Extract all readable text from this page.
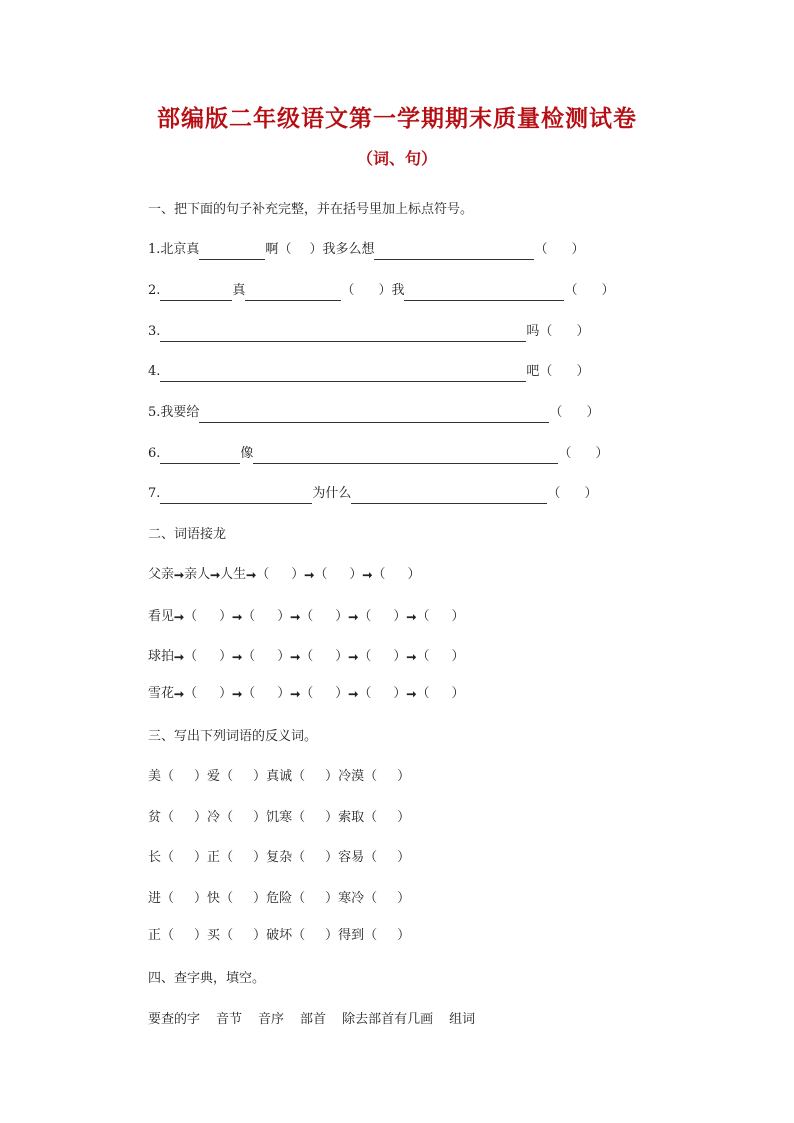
部编版二年级语文第一学期期末质量检测试卷
（词、句）
一、把下面的句子补充完整，并在括号里加上标点符号。
1. 北京真	啊 （ ） 我多么想	（ ）
2.	真	（ ） 我	（ ）
3.	吗 （ ）
4.	吧 （ ）
5. 我要给	（ ）
6.	像	（ ）
7.	为什么	（ ）
二、词语接龙
父亲 ➞ 亲人 ➞ 人生 ➞ （ ） ➞ （ ） ➞ （ ）
看见 ➞ （ ） ➞ （ ） ➞ （ ） ➞ （ ） ➞ （ ）
球拍 ➞ （ ） ➞ （ ） ➞ （ ） ➞ （ ） ➞ （ ）
雪花 ➞ （ ） ➞ （ ） ➞ （ ） ➞ （ ） ➞ （ ）
三、写出下列词语的反义词。
美 （ ） 爱 （ ） 真诚 （ ） 冷漠 （ ）
贫 （ ） 冷 （ ） 饥寒 （ ） 索取 （ ）
长 （ ） 正 （ ） 复杂 （ ） 容易 （ ）
进 （ ） 快 （ ） 危险 （ ） 寒冷 （ ）
正 （ ） 买 （ ） 破坏 （ ） 得到 （ ）
四、查字典，填空。
要查的字 音节 音序 部首 除去部首有几画 组词
